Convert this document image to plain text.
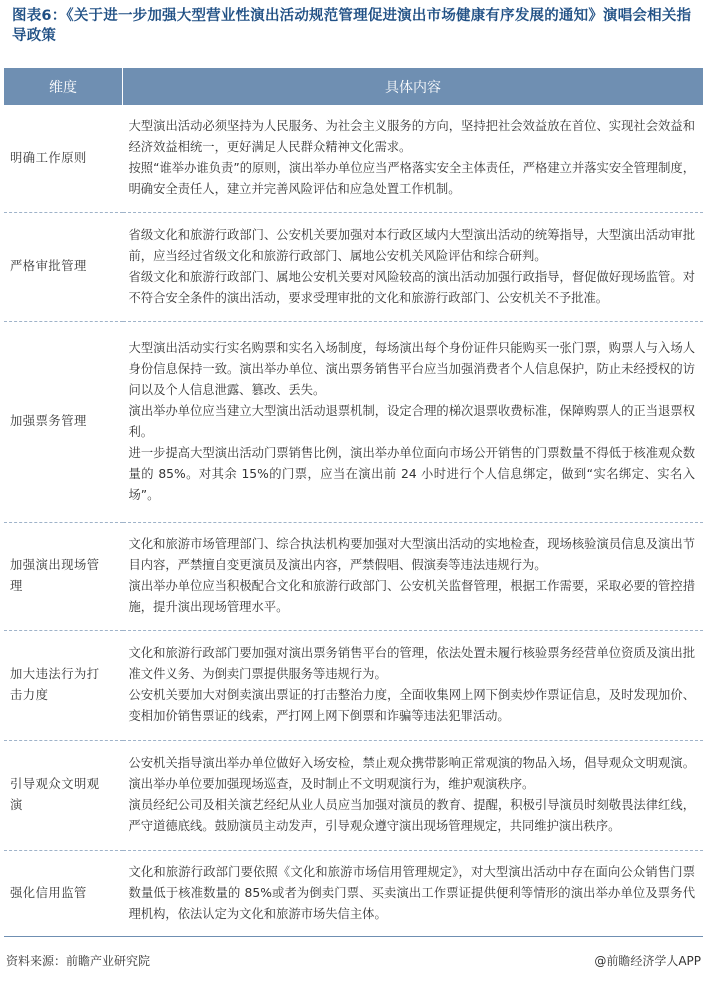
图表6：《关于进一步加强大型营业性演出活动规范管理促进演出市场健康有序发展的通知》演唱会相关指导政策
维度	具体内容
明确工作原则	大型演出活动必须坚持为人民服务、为社会主义服务的方向，坚持把社会效益放在首位、实现社会效益和经济效益相统一，更好满足人民群众精神文化需求。
按照“谁举办谁负责”的原则，演出举办单位应当严格落实安全主体责任，严格建立并落实安全管理制度，明确安全责任人，建立并完善风险评估和应急处置工作机制。

严格审批管理	省级文化和旅游行政部门、公安机关要加强对本行政区域内大型演出活动的统筹指导，大型演出活动审批前，应当经过省级文化和旅游行政部门、属地公安机关风险评估和综合研判。
省级文化和旅游行政部门、属地公安机关要对风险较高的演出活动加强行政指导，督促做好现场监管。对不符合安全条件的演出活动，要求受理审批的文化和旅游行政部门、公安机关不予批准。

加强票务管理	大型演出活动实行实名购票和实名入场制度，每场演出每个身份证件只能购买一张门票，购票人与入场人身份信息保持一致。演出举办单位、演出票务销售平台应当加强消费者个人信息保护，防止未经授权的访问以及个人信息泄露、篡改、丢失。
演出举办单位应当建立大型演出活动退票机制，设定合理的梯次退票收费标准，保障购票人的正当退票权利。
进一步提高大型演出活动门票销售比例，演出举办单位面向市场公开销售的门票数量不得低于核准观众数量的 85%。对其余 15%的门票，应当在演出前 24 小时进行个人信息绑定，做到“实名绑定、实名入场”。

加强演出现场管理	文化和旅游市场管理部门、综合执法机构要加强对大型演出活动的实地检查，现场核验演员信息及演出节目内容，严禁擅自变更演员及演出内容，严禁假唱、假演奏等违法违规行为。
演出举办单位应当积极配合文化和旅游行政部门、公安机关监督管理，根据工作需要，采取必要的管控措施，提升演出现场管理水平。

加大违法行为打击力度	文化和旅游行政部门要加强对演出票务销售平台的管理，依法处置未履行核验票务经营单位资质及演出批准文件义务、为倒卖门票提供服务等违规行为。
公安机关要加大对倒卖演出票证的打击整治力度，全面收集网上网下倒卖炒作票证信息，及时发现加价、变相加价销售票证的线索，严打网上网下倒票和诈骗等违法犯罪活动。

引导观众文明观演	公安机关指导演出举办单位做好入场安检，禁止观众携带影响正常观演的物品入场，倡导观众文明观演。演出举办单位要加强现场巡查，及时制止不文明观演行为，维护观演秩序。
演员经纪公司及相关演艺经纪从业人员应当加强对演员的教育、提醒，积极引导演员时刻敬畏法律红线，严守道德底线。鼓励演员主动发声，引导观众遵守演出现场管理规定，共同维护演出秩序。

强化信用监管	文化和旅游行政部门要依照《文化和旅游市场信用管理规定》，对大型演出活动中存在面向公众销售门票数量低于核准数量的 85%或者为倒卖门票、买卖演出工作票证提供便利等情形的演出举办单位及票务代理机构，依法认定为文化和旅游市场失信主体。
资料来源：前瞻产业研究院	@前瞻经济学人APP
